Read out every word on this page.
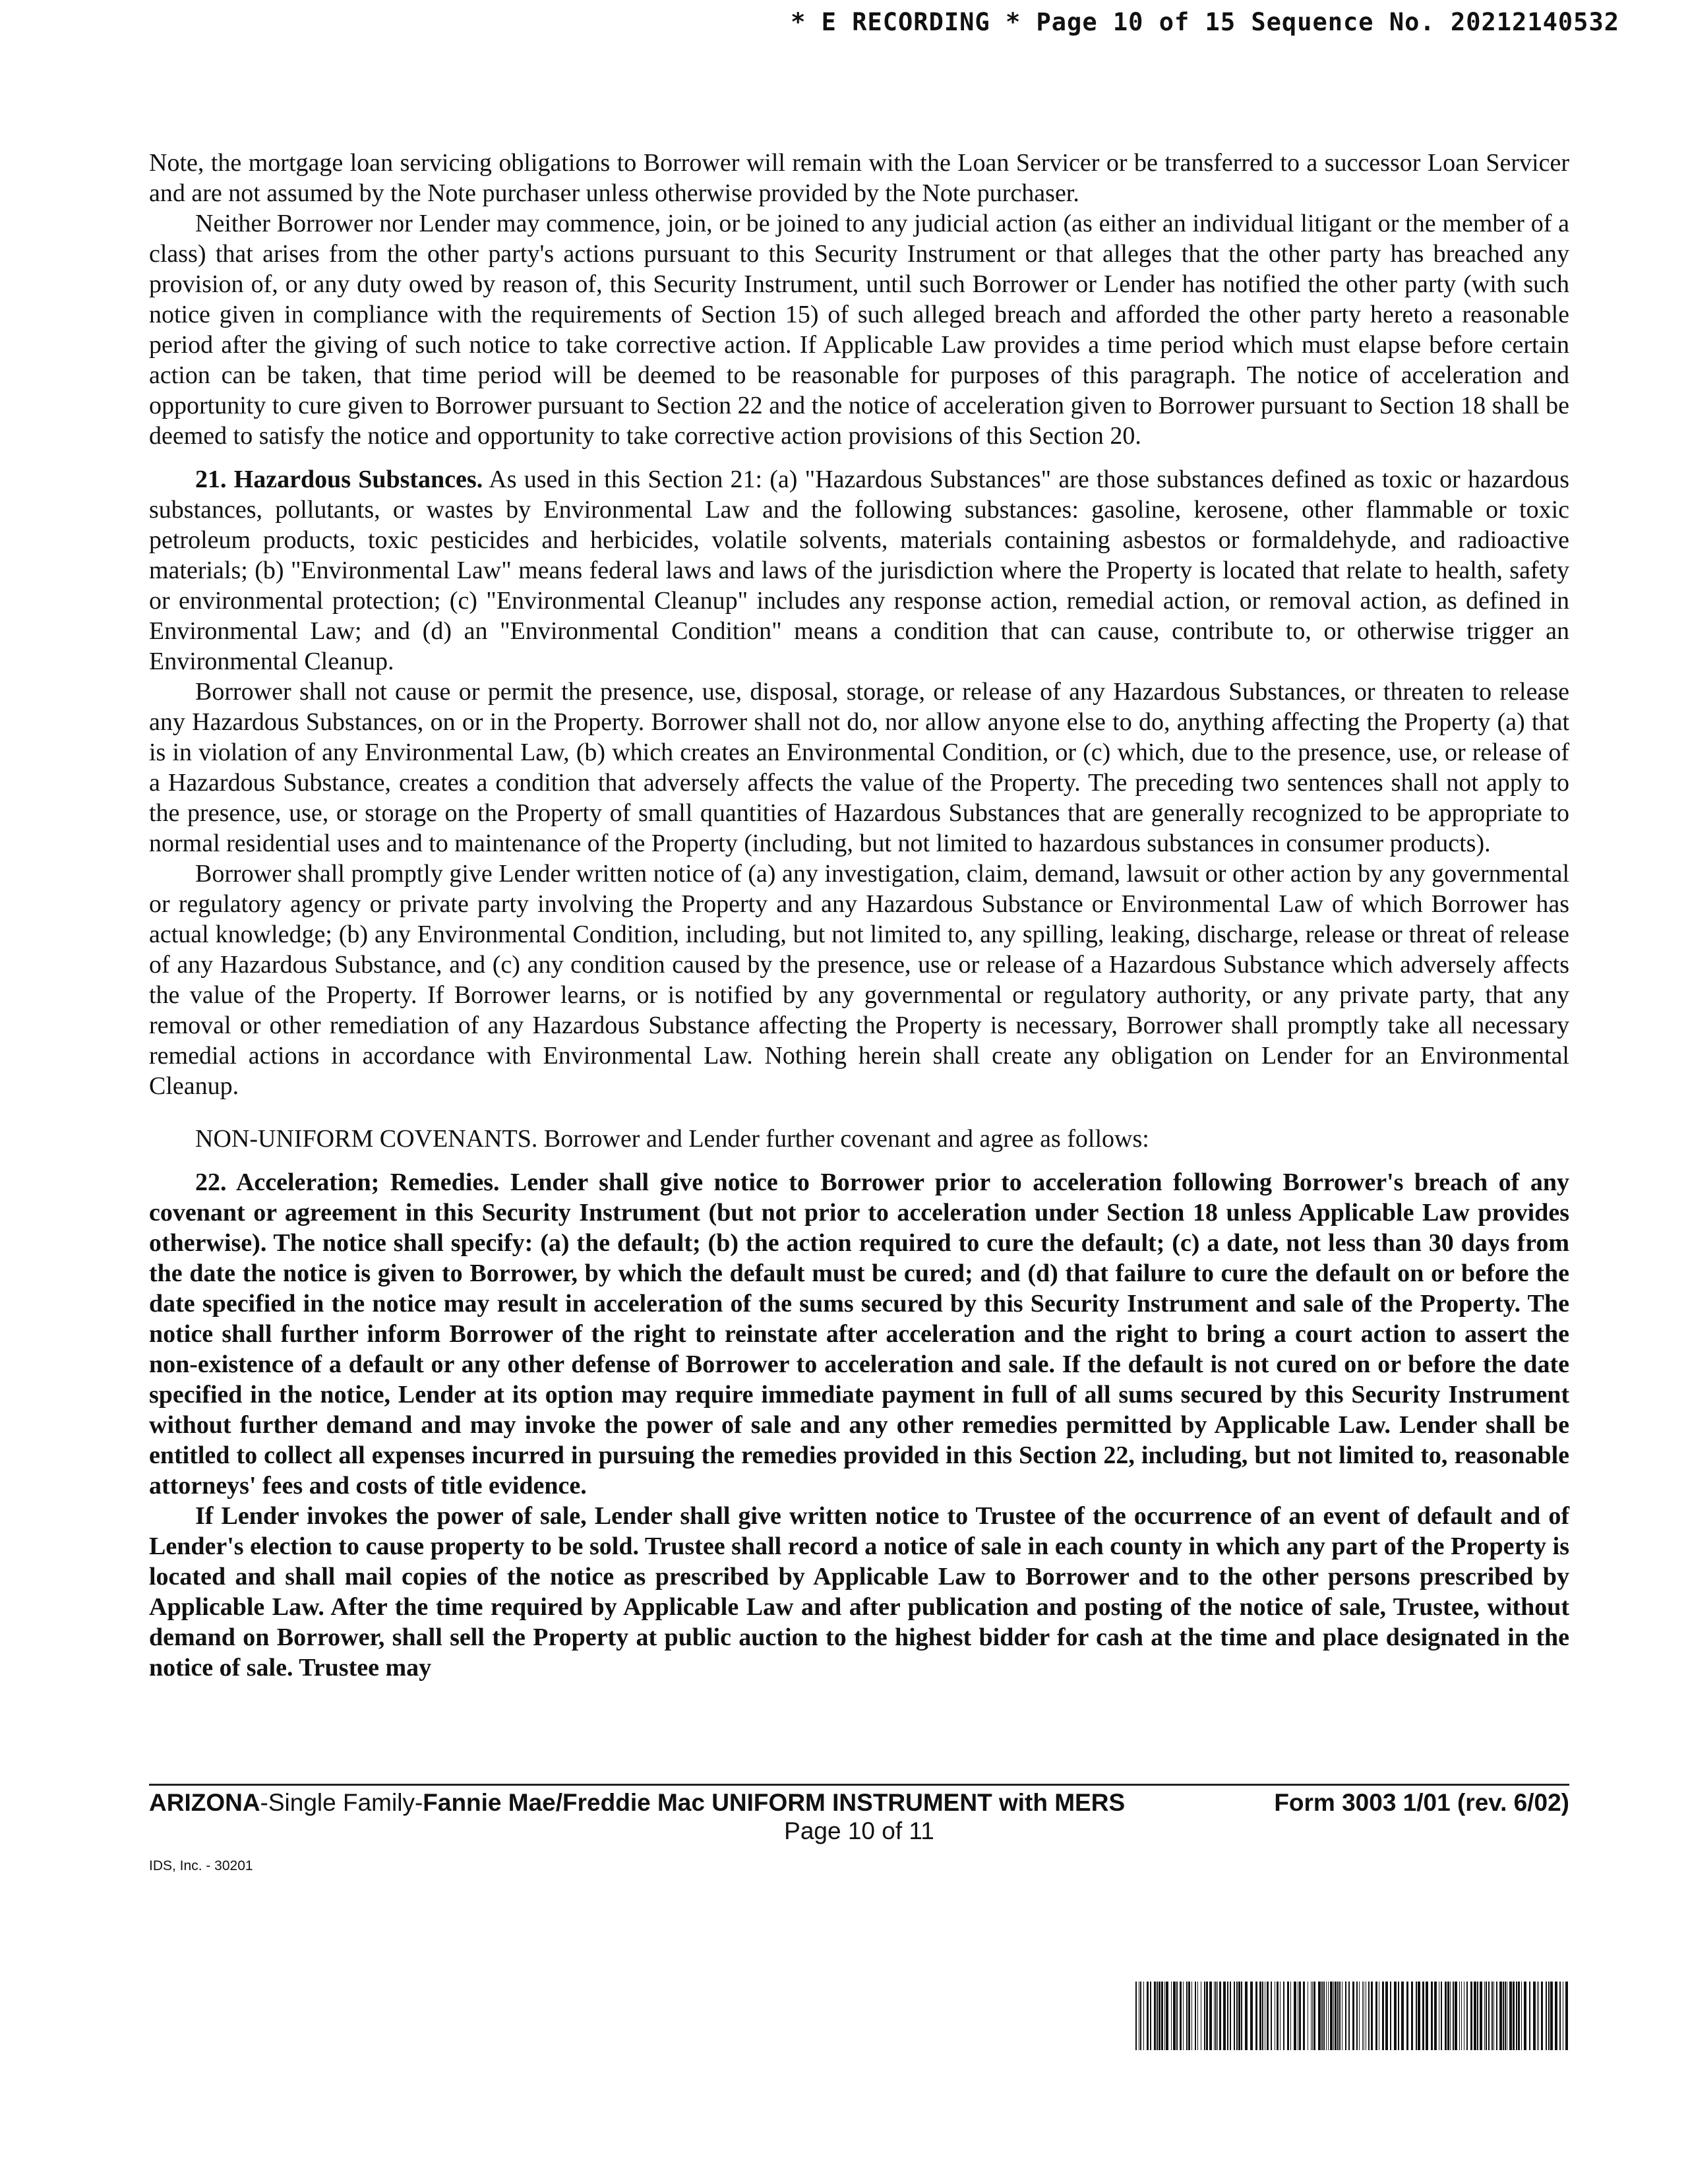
* E RECORDING * Page 10 of 15 Sequence No. 20212140532

Note, the mortgage loan servicing obligations to Borrower will remain with the Loan Servicer or be transferred to a successor Loan Servicer and are not assumed by the Note purchaser unless otherwise provided by the Note purchaser.

Neither Borrower nor Lender may commence, join, or be joined to any judicial action (as either an individual litigant or the member of a class) that arises from the other party's actions pursuant to this Security Instrument or that alleges that the other party has breached any provision of, or any duty owed by reason of, this Security Instrument, until such Borrower or Lender has notified the other party (with such notice given in compliance with the requirements of Section 15) of such alleged breach and afforded the other party hereto a reasonable period after the giving of such notice to take corrective action. If Applicable Law provides a time period which must elapse before certain action can be taken, that time period will be deemed to be reasonable for purposes of this paragraph. The notice of acceleration and opportunity to cure given to Borrower pursuant to Section 22 and the notice of acceleration given to Borrower pursuant to Section 18 shall be deemed to satisfy the notice and opportunity to take corrective action provisions of this Section 20.

21. Hazardous Substances. As used in this Section 21: (a) "Hazardous Substances" are those substances defined as toxic or hazardous substances, pollutants, or wastes by Environmental Law and the following substances: gasoline, kerosene, other flammable or toxic petroleum products, toxic pesticides and herbicides, volatile solvents, materials containing asbestos or formaldehyde, and radioactive materials; (b) "Environmental Law" means federal laws and laws of the jurisdiction where the Property is located that relate to health, safety or environmental protection; (c) "Environmental Cleanup" includes any response action, remedial action, or removal action, as defined in Environmental Law; and (d) an "Environmental Condition" means a condition that can cause, contribute to, or otherwise trigger an Environmental Cleanup.

Borrower shall not cause or permit the presence, use, disposal, storage, or release of any Hazardous Substances, or threaten to release any Hazardous Substances, on or in the Property. Borrower shall not do, nor allow anyone else to do, anything affecting the Property (a) that is in violation of any Environmental Law, (b) which creates an Environmental Condition, or (c) which, due to the presence, use, or release of a Hazardous Substance, creates a condition that adversely affects the value of the Property. The preceding two sentences shall not apply to the presence, use, or storage on the Property of small quantities of Hazardous Substances that are generally recognized to be appropriate to normal residential uses and to maintenance of the Property (including, but not limited to hazardous substances in consumer products).

Borrower shall promptly give Lender written notice of (a) any investigation, claim, demand, lawsuit or other action by any governmental or regulatory agency or private party involving the Property and any Hazardous Substance or Environmental Law of which Borrower has actual knowledge; (b) any Environmental Condition, including, but not limited to, any spilling, leaking, discharge, release or threat of release of any Hazardous Substance, and (c) any condition caused by the presence, use or release of a Hazardous Substance which adversely affects the value of the Property. If Borrower learns, or is notified by any governmental or regulatory authority, or any private party, that any removal or other remediation of any Hazardous Substance affecting the Property is necessary, Borrower shall promptly take all necessary remedial actions in accordance with Environmental Law. Nothing herein shall create any obligation on Lender for an Environmental Cleanup.

NON-UNIFORM COVENANTS. Borrower and Lender further covenant and agree as follows:

22. Acceleration; Remedies. Lender shall give notice to Borrower prior to acceleration following Borrower's breach of any covenant or agreement in this Security Instrument (but not prior to acceleration under Section 18 unless Applicable Law provides otherwise). The notice shall specify: (a) the default; (b) the action required to cure the default; (c) a date, not less than 30 days from the date the notice is given to Borrower, by which the default must be cured; and (d) that failure to cure the default on or before the date specified in the notice may result in acceleration of the sums secured by this Security Instrument and sale of the Property. The notice shall further inform Borrower of the right to reinstate after acceleration and the right to bring a court action to assert the non-existence of a default or any other defense of Borrower to acceleration and sale. If the default is not cured on or before the date specified in the notice, Lender at its option may require immediate payment in full of all sums secured by this Security Instrument without further demand and may invoke the power of sale and any other remedies permitted by Applicable Law. Lender shall be entitled to collect all expenses incurred in pursuing the remedies provided in this Section 22, including, but not limited to, reasonable attorneys' fees and costs of title evidence.

If Lender invokes the power of sale, Lender shall give written notice to Trustee of the occurrence of an event of default and of Lender's election to cause property to be sold. Trustee shall record a notice of sale in each county in which any part of the Property is located and shall mail copies of the notice as prescribed by Applicable Law to Borrower and to the other persons prescribed by Applicable Law. After the time required by Applicable Law and after publication and posting of the notice of sale, Trustee, without demand on Borrower, shall sell the Property at public auction to the highest bidder for cash at the time and place designated in the notice of sale. Trustee may

ARIZONA-Single Family-Fannie Mae/Freddie Mac UNIFORM INSTRUMENT with MERS	Form 3003 1/01 (rev. 6/02)
Page 10 of 11
IDS, Inc. - 30201
